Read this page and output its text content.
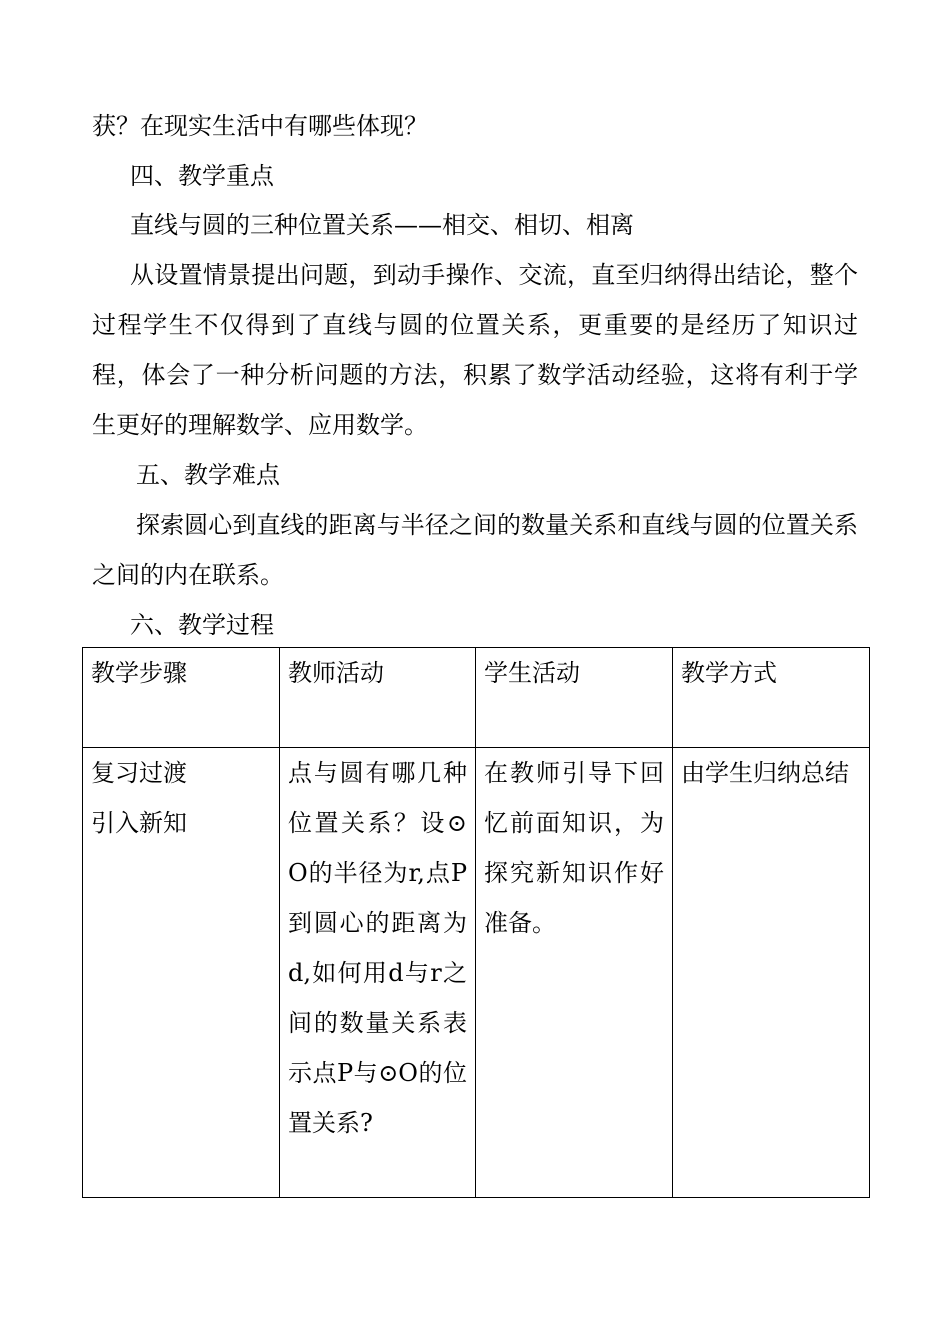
获？在现实生活中有哪些体现？
四、教学重点
直线与圆的三种位置关系——相交、相切、相离
从设置情景提出问题，到动手操作、交流，直至归纳得出结论，整个过程学生不仅得到了直线与圆的位置关系，更重要的是经历了知识过程，体会了一种分析问题的方法，积累了数学活动经验，这将有利于学生更好的理解数学、应用数学。
五、教学难点
探索圆心到直线的距离与半径之间的数量关系和直线与圆的位置关系之间的内在联系。
六、教学过程
教学步骤	教师活动	学生活动	教学方式

复习过渡
引入新知	点与圆有哪几种位置关系？设⊙O的半径为r,点P到圆心的距离为d,如何用d与r之间的数量关系表示点P与⊙O的位置关系?	在教师引导下回忆前面知识，为探究新知识作好准备。	由学生归纳总结
